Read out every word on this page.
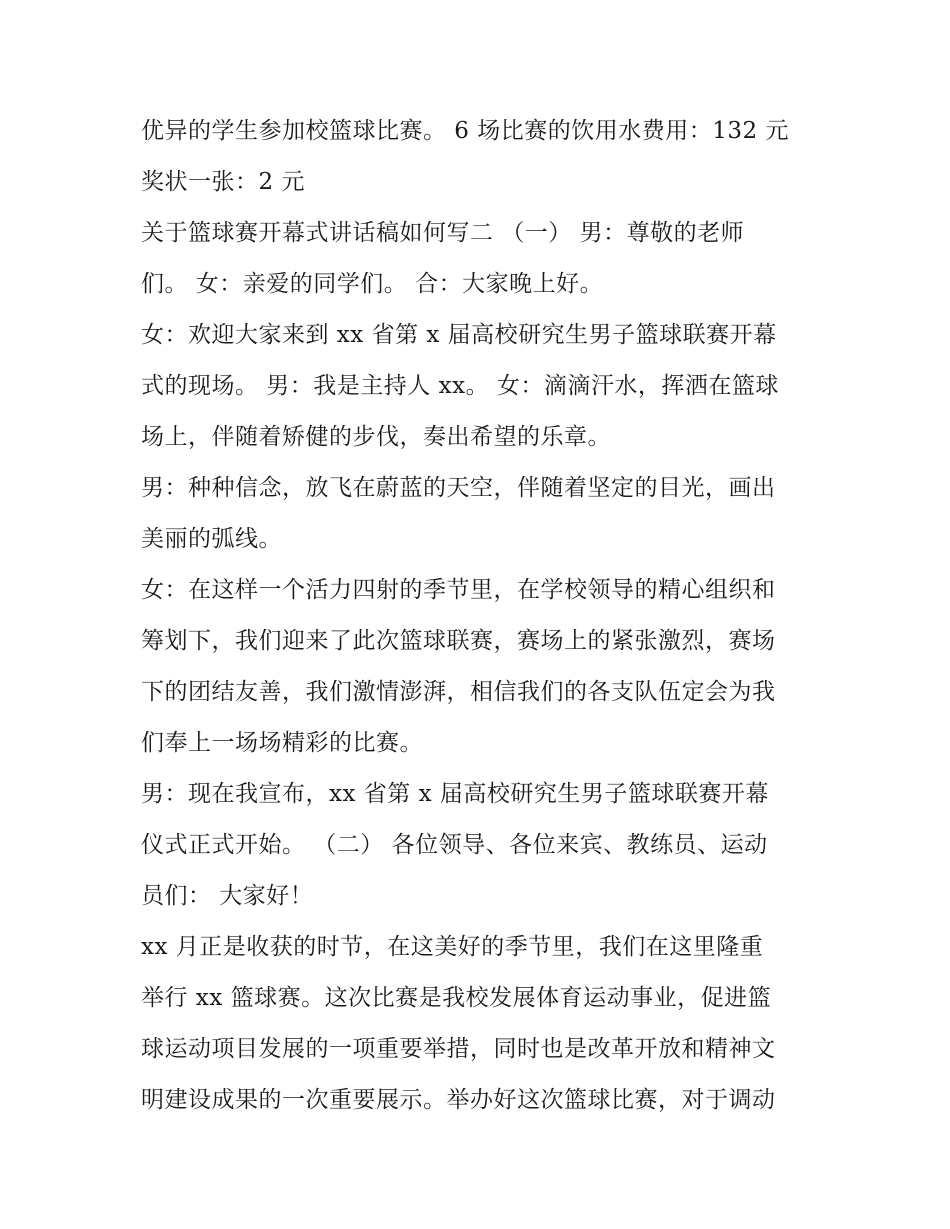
优异的学生参加校篮球比赛。 6 场比赛的饮用水费用：132 元
奖状一张：2 元
关于篮球赛开幕式讲话稿如何写二 （一） 男：尊敬的老师
们。 女：亲爱的同学们。 合：大家晚上好。
女：欢迎大家来到 xx 省第 x 届高校研究生男子篮球联赛开幕
式的现场。 男：我是主持人 xx。 女：滴滴汗水，挥洒在篮球
场上，伴随着矫健的步伐，奏出希望的乐章。
男：种种信念，放飞在蔚蓝的天空，伴随着坚定的目光，画出
美丽的弧线。
女：在这样一个活力四射的季节里，在学校领导的精心组织和
筹划下，我们迎来了此次篮球联赛，赛场上的紧张激烈，赛场
下的团结友善，我们激情澎湃，相信我们的各支队伍定会为我
们奉上一场场精彩的比赛。
男：现在我宣布，xx 省第 x 届高校研究生男子篮球联赛开幕
仪式正式开始。 （二） 各位领导、各位来宾、教练员、运动
员们： 大家好！
xx 月正是收获的时节，在这美好的季节里，我们在这里隆重
举行 xx 篮球赛。这次比赛是我校发展体育运动事业，促进篮
球运动项目发展的一项重要举措，同时也是改革开放和精神文
明建设成果的一次重要展示。举办好这次篮球比赛，对于调动
